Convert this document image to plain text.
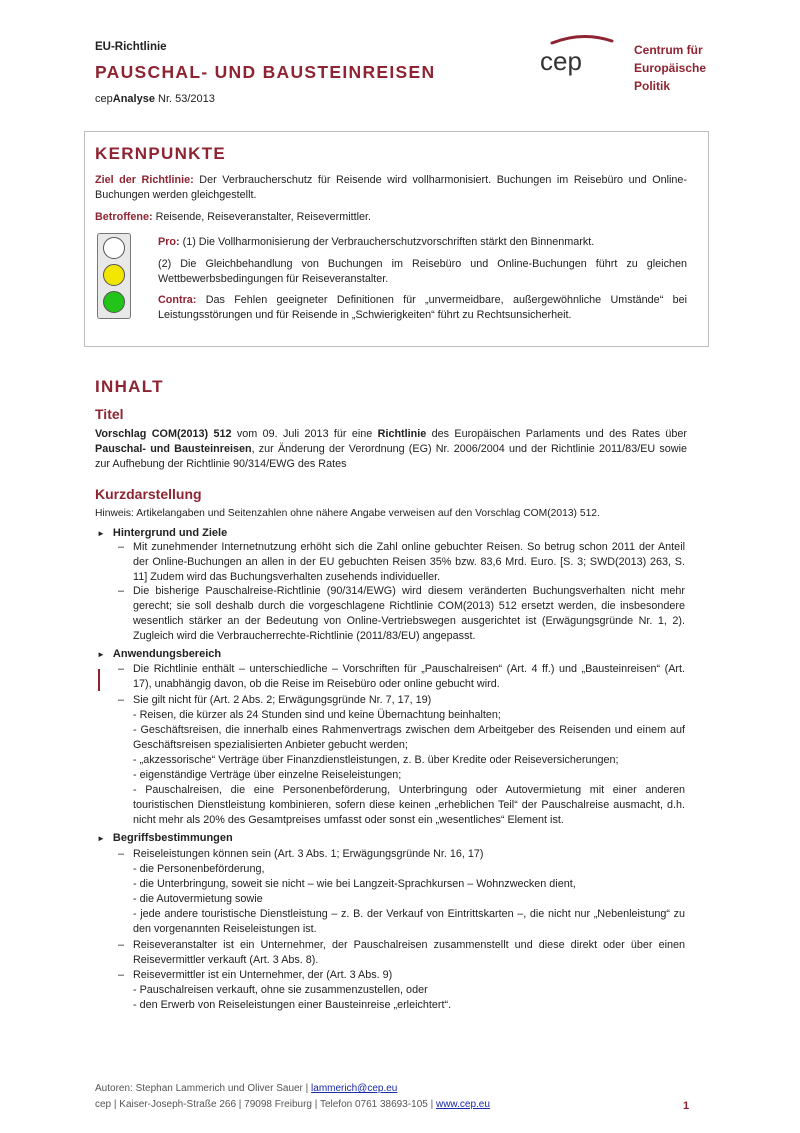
EU-Richtlinie
PAUSCHAL- UND BAUSTEINREISEN
cepAnalyse Nr. 53/2013
cep	Centrum für
Europäische Politik
KERNPUNKTE
Ziel der Richtlinie: Der Verbraucherschutz für Reisende wird vollharmonisiert. Buchungen im Reisebüro und Online-Buchungen werden gleichgestellt.
Betroffene: Reisende, Reiseveranstalter, Reisevermittler.
Pro: (1) Die Vollharmonisierung der Verbraucherschutzvorschriften stärkt den Binnenmarkt.
(2) Die Gleichbehandlung von Buchungen im Reisebüro und Online-Buchungen führt zu gleichen Wettbewerbsbedingungen für Reiseveranstalter.
Contra: Das Fehlen geeigneter Definitionen für „unvermeidbare, außergewöhnliche Umstände“ bei Leistungsstörungen und für Reisende in „Schwierigkeiten“ führt zu Rechtsunsicherheit.
INHALT
Titel
Vorschlag COM(2013) 512 vom 09. Juli 2013 für eine Richtlinie des Europäischen Parlaments und des Rates über Pauschal- und Bausteinreisen, zur Änderung der Verordnung (EG) Nr. 2006/2004 und der Richtlinie 2011/83/EU sowie zur Aufhebung der Richtlinie 90/314/EWG des Rates
Kurzdarstellung
Hinweis: Artikelangaben und Seitenzahlen ohne nähere Angabe verweisen auf den Vorschlag COM(2013) 512.
► Hintergrund und Ziele
– Mit zunehmender Internetnutzung erhöht sich die Zahl online gebuchter Reisen. So betrug schon 2011 der Anteil der Online-Buchungen an allen in der EU gebuchten Reisen 35% bzw. 83,6 Mrd. Euro. [S. 3; SWD(2013) 263, S. 11] Zudem wird das Buchungsverhalten zusehends individueller.
– Die bisherige Pauschalreise-Richtlinie (90/314/EWG) wird diesem veränderten Buchungsverhalten nicht mehr gerecht; sie soll deshalb durch die vorgeschlagene Richtlinie COM(2013) 512 ersetzt werden, die insbesondere wesentlich stärker an der Bedeutung von Online-Vertriebswegen ausgerichtet ist (Erwägungsgründe Nr. 1, 2). Zugleich wird die Verbraucherrechte-Richtlinie (2011/83/EU) angepasst.
► Anwendungsbereich
– Die Richtlinie enthält – unterschiedliche – Vorschriften für „Pauschalreisen“ (Art. 4 ff.) und „Bausteinreisen“ (Art. 17), unabhängig davon, ob die Reise im Reisebüro oder online gebucht wird.
– Sie gilt nicht für (Art. 2 Abs. 2; Erwägungsgründe Nr. 7, 17, 19)
- Reisen, die kürzer als 24 Stunden sind und keine Übernachtung beinhalten;
- Geschäftsreisen, die innerhalb eines Rahmenvertrags zwischen dem Arbeitgeber des Reisenden und einem auf Geschäftsreisen spezialisierten Anbieter gebucht werden;
- „akzessorische“ Verträge über Finanzdienstleistungen, z. B. über Kredite oder Reiseversicherungen;
- eigenständige Verträge über einzelne Reiseleistungen;
- Pauschalreisen, die eine Personenbeförderung, Unterbringung oder Autovermietung mit einer anderen touristischen Dienstleistung kombinieren, sofern diese keinen „erheblichen Teil“ der Pauschalreise ausmacht, d.h. nicht mehr als 20% des Gesamtpreises umfasst oder sonst ein „wesentliches“ Element ist.
► Begriffsbestimmungen
– Reiseleistungen können sein (Art. 3 Abs. 1; Erwägungsgründe Nr. 16, 17)
- die Personenbeförderung,
- die Unterbringung, soweit sie nicht – wie bei Langzeit-Sprachkursen – Wohnzwecken dient,
- die Autovermietung sowie
- jede andere touristische Dienstleistung – z. B. der Verkauf von Eintrittskarten –, die nicht nur „Nebenleistung“ zu den vorgenannten Reiseleistungen ist.
– Reiseveranstalter ist ein Unternehmer, der Pauschalreisen zusammenstellt und diese direkt oder über einen Reisevermittler verkauft (Art. 3 Abs. 8).
– Reisevermittler ist ein Unternehmer, der (Art. 3 Abs. 9)
- Pauschalreisen verkauft, ohne sie zusammenzustellen, oder
- den Erwerb von Reiseleistungen einer Bausteinreise „erleichtert“.
Autoren: Stephan Lammerich und Oliver Sauer | lammerich@cep.eu
cep | Kaiser-Joseph-Straße 266 | 79098 Freiburg | Telefon 0761 38693-105 | www.cep.eu	1
